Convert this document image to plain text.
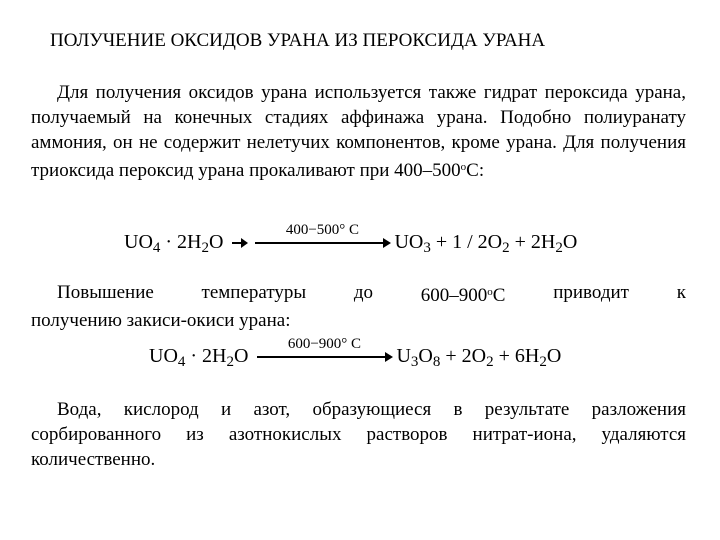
ПОЛУЧЕНИЕ ОКСИДОВ УРАНА ИЗ ПЕРОКСИДА УРАНА
Для получения оксидов урана используется также гидрат пероксида урана, получаемый на конечных стадиях аффинажа урана. Подобно полиуранату аммония, он не содержит нелетучих компонентов, кроме урана. Для получения триоксида пероксид урана прокаливают при $400-500^оС$:
$UO_4 \cdot 2H_2O$
400−500° C
$UO_3 + 1 / 2O_2 + 2H_2O$
Повышение	температуры	до	$600-900^оС$	приводит	к
получению закиси-окиси урана:
$UO_4 \cdot 2H_2O$
600−900° C
$U_3O_8 + 2O_2 + 6H_2O$
Вода, кислород и азот, образующиеся в результате разложения сорбированного из азотнокислых растворов нитрат-иона, удаляются количественно.
